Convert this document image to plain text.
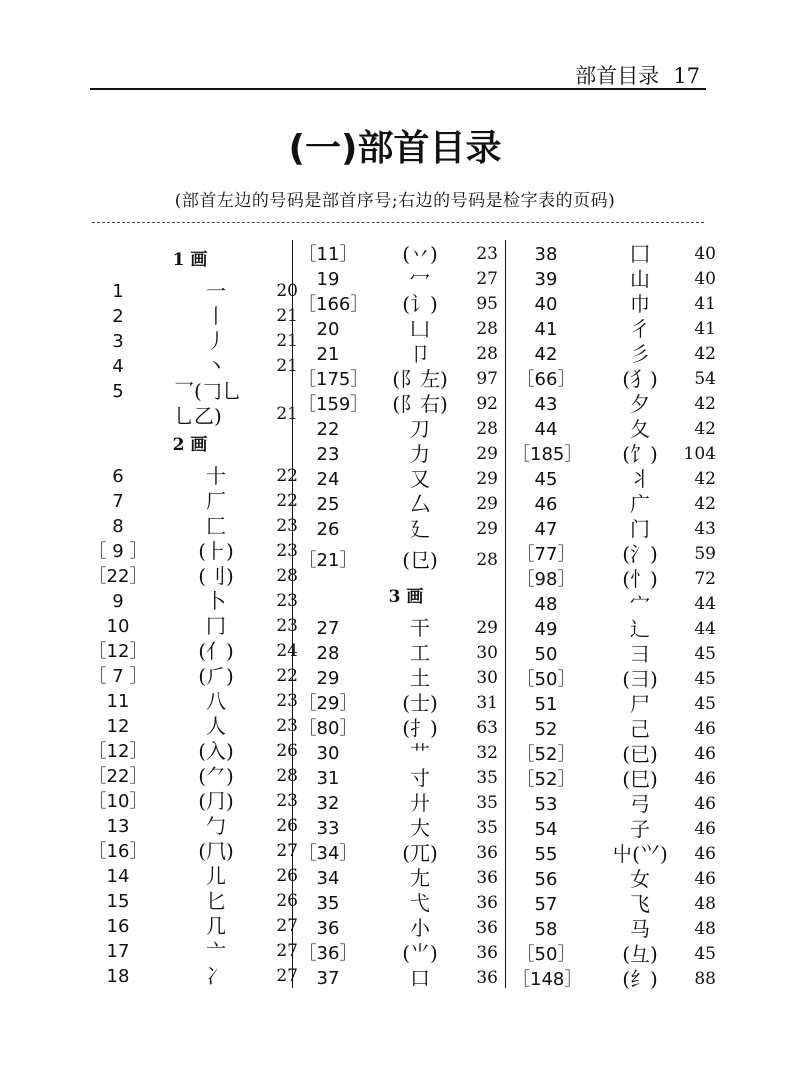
部首目录 17
(一)部首目录
(部首左边的号码是部首序号;右边的号码是检字表的页码)
1 画
1	一	20
2	丨	21
3	丿	21
4	丶	21
5	乛(𠃌乚
乚乙)	21
2 画
6	十	22
7	厂	22
8	匚	23
［ 9 ］	(⺊)	23
［22］	(刂)	28
9	卜	23
10	冂	23
［12］	(亻)	24
［ 7 ］	(⺁)	22
11	八	23
12	人	23
［12］	(入)	26
［22］	(⺈)	28
［10］	(⺆)	23
13	勹	26
［16］	(⺇)	27
14	儿	26
15	匕	26
16	几	27
17	亠	27
18	冫	27
［11］	(丷)	23
19	冖	27
［166］	(讠)	95
20	凵	28
21	卩	28
［175］	(阝左)	97
［159］	(阝右)	92
22	刀	28
23	力	29
24	又	29
25	厶	29
26	廴	29
［21］	(㔾)	28
3 画
27	干	29
28	工	30
29	土	30
［29］	(士)	31
［80］	(扌)	63
30	艹	32
31	寸	35
32	廾	35
33	大	35
［34］	(兀)	36
34	尢	36
35	弋	36
36	小	36
［36］	(⺌)	36
37	口	36
38	囗	40
39	山	40
40	巾	41
41	彳	41
42	彡	42
［66］	(犭)	54
43	夕	42
44	夂	42
［185］	(饣)	104
45	丬	42
46	广	42
47	门	43
［77］	(氵)	59
［98］	(忄)	72
48	宀	44
49	辶	44
50	彐	45
［50］	(⺕)	45
51	尸	45
52	己	46
［52］	(已)	46
［52］	(巳)	46
53	弓	46
54	子	46
55	屮(⺍)	46
56	女	46
57	飞	48
58	马	48
［50］	(彑)	45
［148］	(纟)	88
